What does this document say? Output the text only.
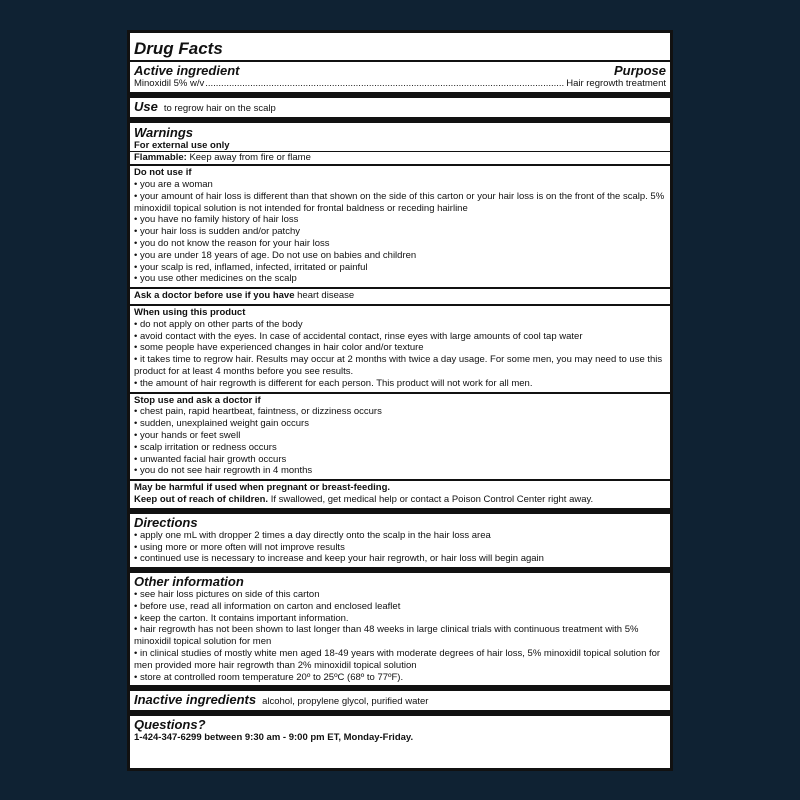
Drug Facts
Active ingredient	Purpose
Minoxidil 5% w/v
.....	Hair regrowth treatment
Use to regrow hair on the scalp
Warnings
For external use only
Flammable: Keep away from fire or flame
Do not use if
• you are a woman
• your amount of hair loss is different than that shown on the side of this carton or your hair loss is on the front of the scalp. 5% minoxidil topical solution is not intended for frontal baldness or receding hairline
• you have no family history of hair loss
• your hair loss is sudden and/or patchy
• you do not know the reason for your hair loss
• you are under 18 years of age. Do not use on babies and children
• your scalp is red, inflamed, infected, irritated or painful
• you use other medicines on the scalp
Ask a doctor before use if you have heart disease
When using this product
• do not apply on other parts of the body
• avoid contact with the eyes. In case of accidental contact, rinse eyes with large amounts of cool tap water
• some people have experienced changes in hair color and/or texture
• it takes time to regrow hair. Results may occur at 2 months with twice a day usage. For some men, you may need to use this product for at least 4 months before you see results.
• the amount of hair regrowth is different for each person. This product will not work for all men.
Stop use and ask a doctor if
• chest pain, rapid heartbeat, faintness, or dizziness occurs
• sudden, unexplained weight gain occurs
• your hands or feet swell
• scalp irritation or redness occurs
• unwanted facial hair growth occurs
• you do not see hair regrowth in 4 months
May be harmful if used when pregnant or breast-feeding.
Keep out of reach of children. If swallowed, get medical help or contact a Poison Control Center right away.
Directions
• apply one mL with dropper 2 times a day directly onto the scalp in the hair loss area
• using more or more often will not improve results
• continued use is necessary to increase and keep your hair regrowth, or hair loss will begin again
Other information
• see hair loss pictures on side of this carton
• before use, read all information on carton and enclosed leaflet
• keep the carton. It contains important information.
• hair regrowth has not been shown to last longer than 48 weeks in large clinical trials with continuous treatment with 5% minoxidil topical solution for men
• in clinical studies of mostly white men aged 18-49 years with moderate degrees of hair loss, 5% minoxidil topical solution for men provided more hair regrowth than 2% minoxidil topical solution
• store at controlled room temperature 20º to 25ºC (68º to 77ºF).
Inactive ingredients alcohol, propylene glycol, purified water
Questions?
1-424-347-6299 between 9:30 am - 9:00 pm ET, Monday-Friday.
